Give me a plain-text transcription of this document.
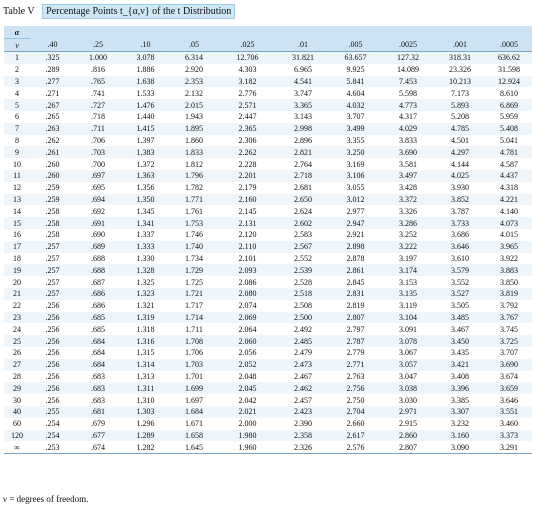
Table V Percentage Points t_{α,ν} of the t Distribution
α										
ν	.40	.25	.10	.05	.025	.01	.005	.0025	.001	.0005
1	.325	1.000	3.078	6.314	12.706	31.821	63.657	127.32	318.31	636.62
2	.289	.816	1.886	2.920	4.303	6.965	9.925	14.089	23.326	31.598
3	.277	.765	1.638	2.353	3.182	4.541	5.841	7.453	10.213	12.924
4	.271	.741	1.533	2.132	2.776	3.747	4.604	5.598	7.173	8.610
5	.267	.727	1.476	2.015	2.571	3.365	4.032	4.773	5.893	6.869
6	.265	.718	1.440	1.943	2.447	3.143	3.707	4.317	5.208	5.959
7	.263	.711	1.415	1.895	2.365	2.998	3.499	4.029	4.785	5.408
8	.262	.706	1.397	1.860	2.306	2.896	3.355	3.833	4.501	5.041
9	.261	.703	1.383	1.833	2.262	2.821	3.250	3.690	4.297	4.781
10	.260	.700	1.372	1.812	2.228	2.764	3.169	3.581	4.144	4.587
11	.260	.697	1.363	1.796	2.201	2.718	3.106	3.497	4.025	4.437
12	.259	.695	1.356	1.782	2.179	2.681	3.055	3.428	3.930	4.318
13	.259	.694	1.350	1.771	2.160	2.650	3.012	3.372	3.852	4.221
14	.258	.692	1.345	1.761	2.145	2.624	2.977	3.326	3.787	4.140
15	.258	.691	1.341	1.753	2.131	2.602	2.947	3.286	3.733	4.073
16	.258	.690	1.337	1.746	2.120	2.583	2.921	3.252	3.686	4.015
17	.257	.689	1.333	1.740	2.110	2.567	2.898	3.222	3.646	3.965
18	.257	.688	1.330	1.734	2.101	2.552	2.878	3.197	3.610	3.922
19	.257	.688	1.328	1.729	2.093	2.539	2.861	3.174	3.579	3.883
20	.257	.687	1.325	1.725	2.086	2.528	2.845	3.153	3.552	3.850
21	.257	.686	1.323	1.721	2.080	2.518	2.831	3.135	3.527	3.819
22	.256	.686	1.321	1.717	2.074	2.508	2.819	3.119	3.505	3.792
23	.256	.685	1.319	1.714	2.069	2.500	2.807	3.104	3.485	3.767
24	.256	.685	1.318	1.711	2.064	2.492	2.797	3.091	3.467	3.745
25	.256	.684	1.316	1.708	2.060	2.485	2.787	3.078	3.450	3.725
26	.256	.684	1.315	1.706	2.056	2.479	2.779	3.067	3.435	3.707
27	.256	.684	1.314	1.703	2.052	2.473	2.771	3.057	3.421	3.690
28	.256	.683	1.313	1.701	2.048	2.467	2.763	3.047	3.408	3.674
29	.256	.683	1.311	1.699	2.045	2.462	2.756	3.038	3.396	3.659
30	.256	.683	1.310	1.697	2.042	2.457	2.750	3.030	3.385	3.646
40	.255	.681	1.303	1.684	2.021	2.423	2.704	2.971	3.307	3.551
60	.254	.679	1.296	1.671	2.000	2.390	2.660	2.915	3.232	3.460
120	.254	.677	1.289	1.658	1.980	2.358	2.617	2.860	3.160	3.373
∞	.253	.674	1.282	1.645	1.960	2.326	2.576	2.807	3.090	3.291
ν = degrees of freedom.
